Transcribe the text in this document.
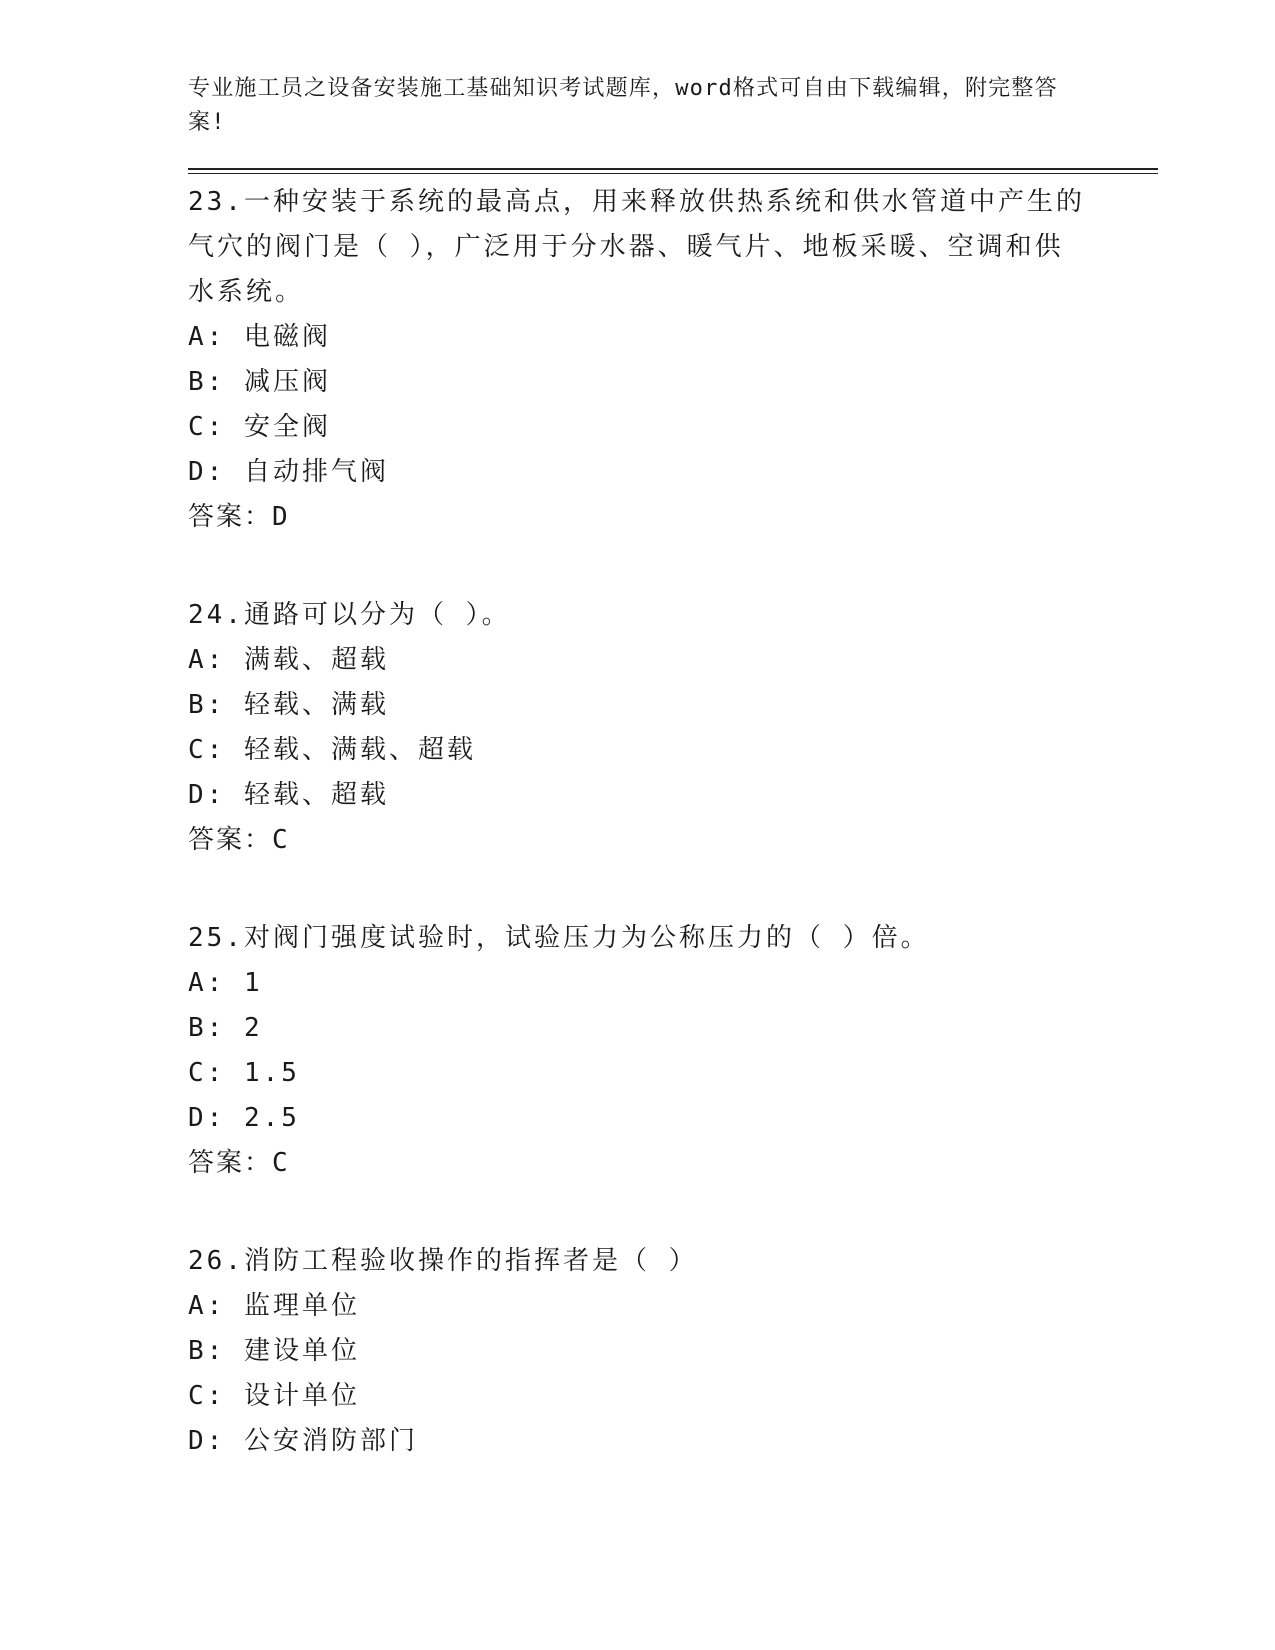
专业施工员之设备安装施工基础知识考试题库，word格式可自由下载编辑，附完整答案!

23.一种安装于系统的最高点，用来释放供热系统和供水管道中产生的气穴的阀门是（ ），广泛用于分水器、暖气片、地板采暖、空调和供水系统。

A: 电磁阀

B: 减压阀

C: 安全阀

D: 自动排气阀

答案：D

24.通路可以分为（ ）。

A: 满载、超载

B: 轻载、满载

C: 轻载、满载、超载

D: 轻载、超载

答案：C

25.对阀门强度试验时，试验压力为公称压力的（ ）倍。

A: 1

B: 2

C: 1.5

D: 2.5

答案：C

26.消防工程验收操作的指挥者是（ ）

A: 监理单位

B: 建设单位

C: 设计单位

D: 公安消防部门
